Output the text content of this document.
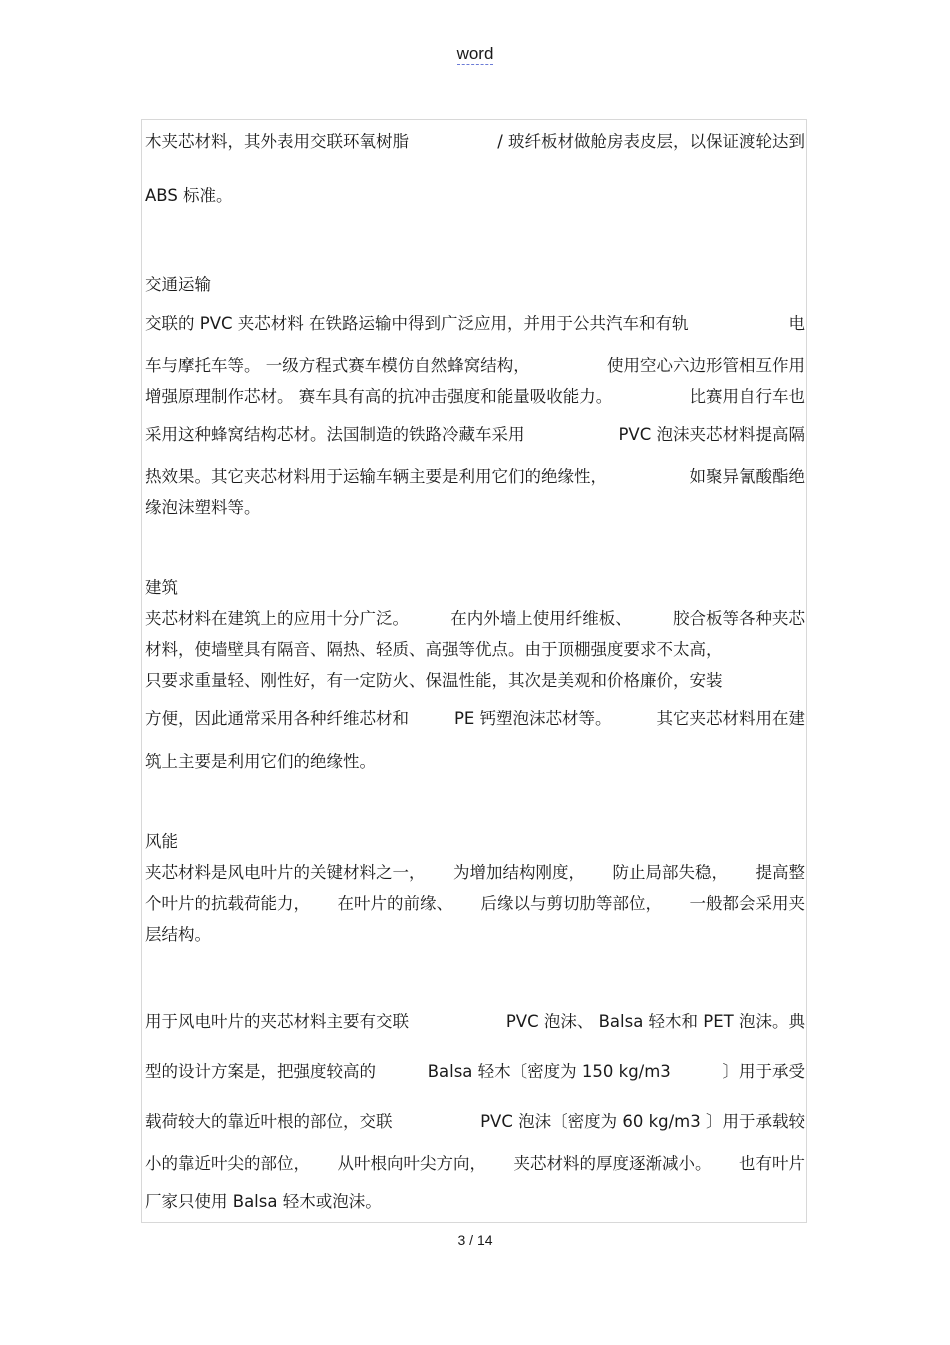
word
木夹芯材料，其外表用交联环氧树脂	/ 玻纤板材做舱房表皮层，以保证渡轮达到
ABS 标准。
交通运输
交联的 PVC 夹芯材料 在铁路运输中得到广泛应用，并用于公共汽车和有轨	电
车与摩托车等。 一级方程式赛车模仿自然蜂窝结构，	使用空心六边形管相互作用
增强原理制作芯材。 赛车具有高的抗冲击强度和能量吸收能力。	比赛用自行车也
采用这种蜂窝结构芯材。法国制造的铁路冷藏车采用	PVC 泡沫夹芯材料提高隔
热效果。其它夹芯材料用于运输车辆主要是利用它们的绝缘性，	如聚异氰酸酯绝
缘泡沫塑料等。
建筑
夹芯材料在建筑上的应用十分广泛。	在内外墙上使用纤维板、	胶合板等各种夹芯
材料，使墙壁具有隔音、隔热、轻质、高强等优点。由于顶棚强度要求不太高，
只要求重量轻、刚性好，有一定防火、保温性能，其次是美观和价格廉价，安装
方便，因此通常采用各种纤维芯材和	PE 钙塑泡沫芯材等。	其它夹芯材料用在建
筑上主要是利用它们的绝缘性。
风能
夹芯材料是风电叶片的关键材料之一， 为增加结构刚度， 防止局部失稳， 提高整
个叶片的抗载荷能力， 在叶片的前缘、 后缘以与剪切肋等部位， 一般都会采用夹
层结构。
用于风电叶片的夹芯材料主要有交联	PVC 泡沫、 Balsa 轻木和 PET 泡沫。典
型的设计方案是，把强度较高的	Balsa 轻木〔密度为 150 kg/m3	〕用于承受
载荷较大的靠近叶根的部位，交联	PVC 泡沫〔密度为 60 kg/m3 〕用于承载较
小的靠近叶尖的部位， 从叶根向叶尖方向， 夹芯材料的厚度逐渐减小。 也有叶片
厂家只使用 Balsa 轻木或泡沫。
3 / 14
